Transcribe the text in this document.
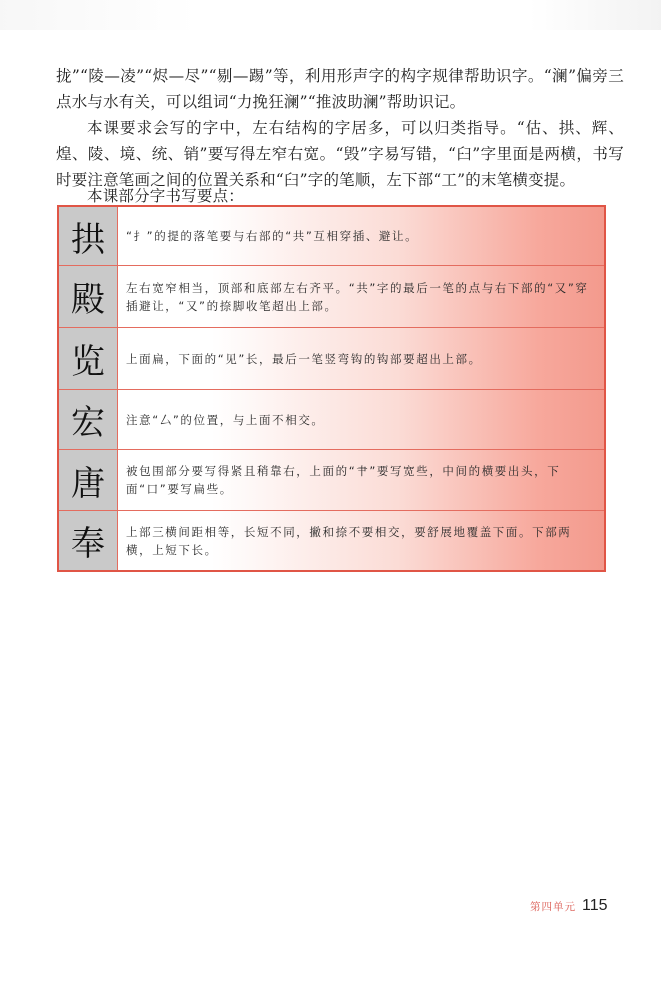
拢”“陵—凌”“烬—尽”“剔—踢”等，利用形声字的构字规律帮助识字。“澜”偏旁三点水与水有关，可以组词“力挽狂澜”“推波助澜”帮助识记。

本课要求会写的字中，左右结构的字居多，可以归类指导。“估、拱、辉、煌、陵、境、统、销”要写得左窄右宽。“毁”字易写错，“臼”字里面是两横，书写时要注意笔画之间的位置关系和“臼”字的笔顺，左下部“工”的末笔横变提。

本课部分字书写要点：

拱	“扌”的提的落笔要与右部的“共”互相穿插、避让。
殿	左右宽窄相当，顶部和底部左右齐平。“共”字的最后一笔的点与右下部的“又”穿插避让，“又”的捺脚收笔超出上部。
览	上面扁，下面的“见”长，最后一笔竖弯钩的钩部要超出上部。
宏	注意“厶”的位置，与上面不相交。
唐	被包围部分要写得紧且稍靠右，上面的“肀”要写宽些，中间的横要出头，下面“口”要写扁些。
奉	上部三横间距相等，长短不同，撇和捺不要相交，要舒展地覆盖下面。下部两横，上短下长。
第四单元 115
